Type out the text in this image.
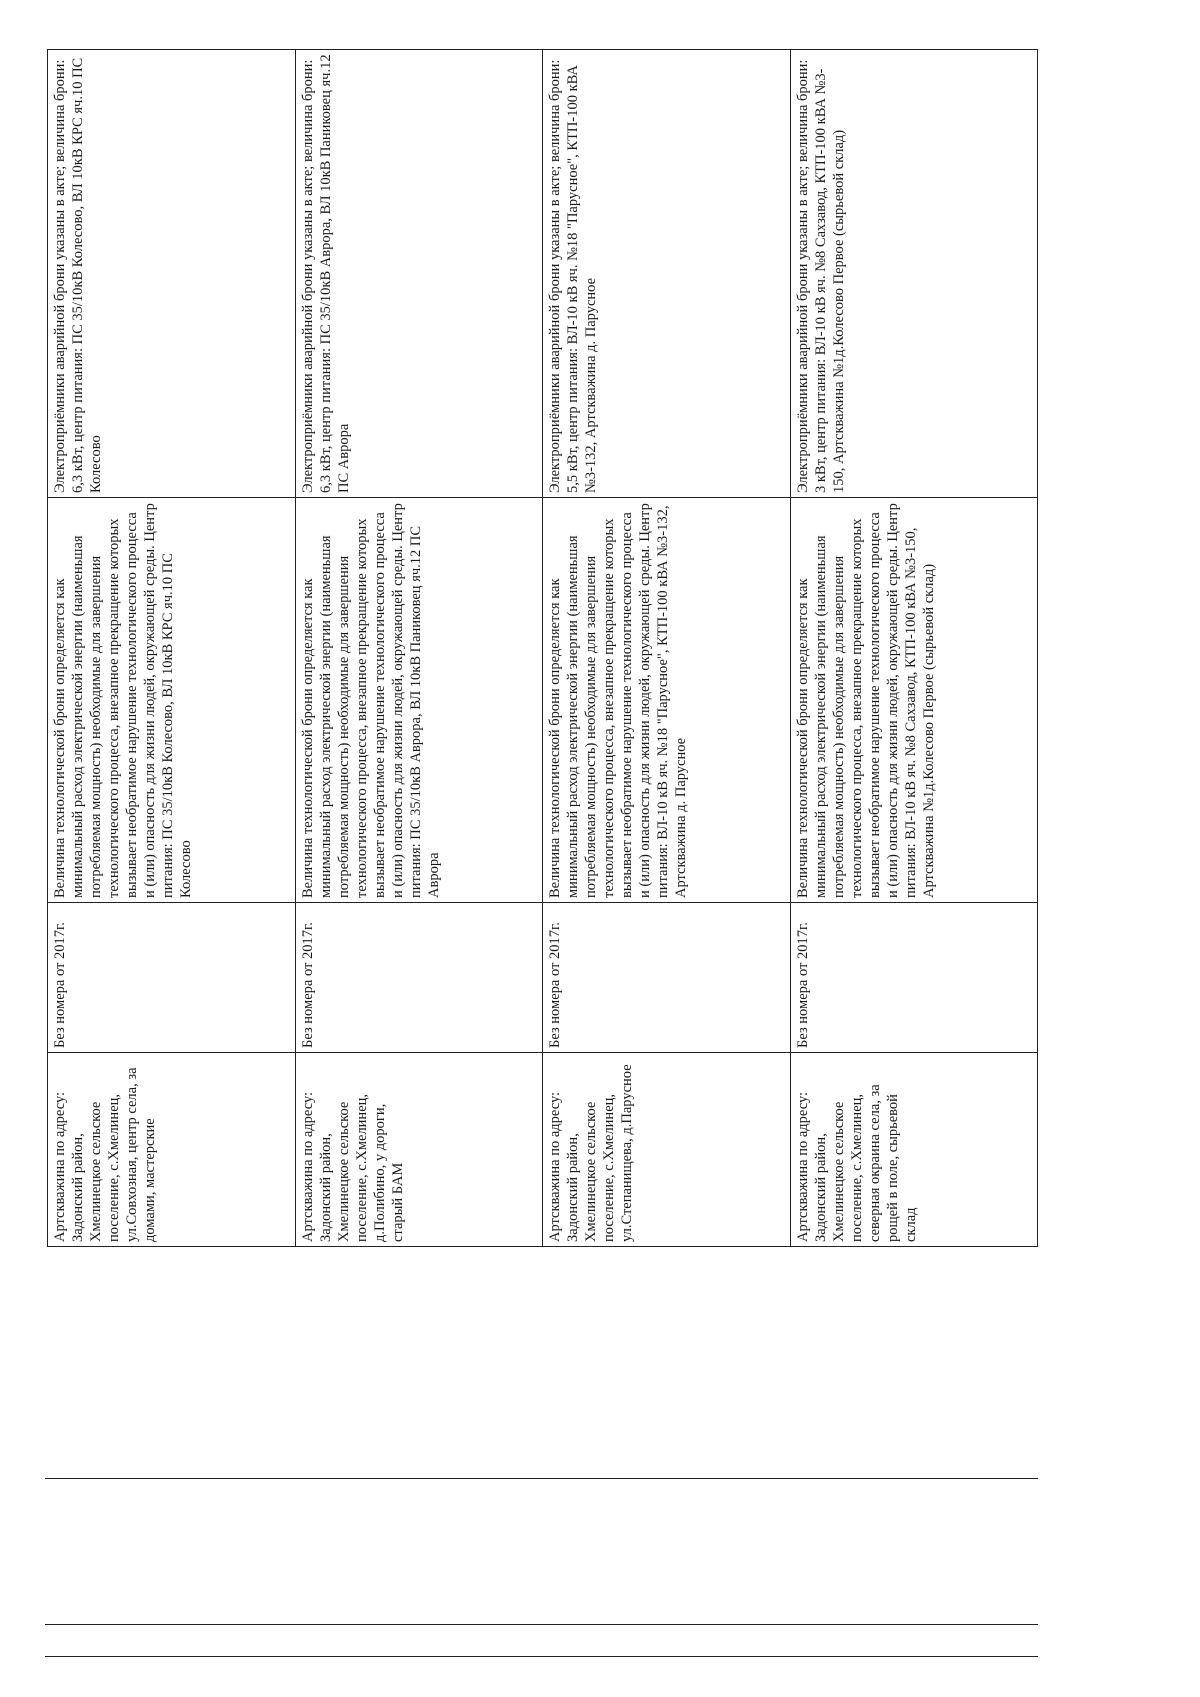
Артскважина по адресу: Задонский район, Хмелинецкое сельское поселение, с.Хмелинец, ул.Совхозная, центр села, за домами, мастерские	Без номера от 2017г.	Величина технологической брони определяется как минимальный расход электрической энергии (наименьшая потребляемая мощность) необходимые для завершения технологического процесса, внезапное прекращение которых вызывает необратимое нарушение технологического процесса и (или) опасность для жизни людей, окружающей среды. Центр питания: ПС 35/10кВ Колесово, ВЛ 10кВ КРС яч.10 ПС Колесово	Электроприёмники аварийной брони указаны в акте; величина брони: 6,3 кВт, центр питания: ПС 35/10кВ Колесово, ВЛ 10кВ КРС яч.10 ПС Колесово
Артскважина по адресу: Задонский район, Хмелинецкое сельское поселение, с.Хмелинец, д.Полибино, у дороги, старый БАМ	Без номера от 2017г.	Величина технологической брони определяется как минимальный расход электрической энергии (наименьшая потребляемая мощность) необходимые для завершения технологического процесса, внезапное прекращение которых вызывает необратимое нарушение технологического процесса и (или) опасность для жизни людей, окружающей среды. Центр питания: ПС 35/10кВ Аврора, ВЛ 10кВ Паниковец яч.12 ПС Аврора	Электроприёмники аварийной брони указаны в акте; величина брони: 6,3 кВт, центр питания: ПС 35/10кВ Аврора, ВЛ 10кВ Паниковец яч.12 ПС Аврора
Артскважина по адресу: Задонский район, Хмелинецкое сельское поселение, с.Хмелинец, ул.Степанищева, д.Парусное	Без номера от 2017г.	Величина технологической брони определяется как минимальный расход электрической энергии (наименьшая потребляемая мощность) необходимые для завершения технологического процесса, внезапное прекращение которых вызывает необратимое нарушение технологического процесса и (или) опасность для жизни людей, окружающей среды. Центр питания: ВЛ-10 кВ яч. №18 "Парусное", КТП-100 кВА №3-132, Артскважина д. Парусное	Электроприёмники аварийной брони указаны в акте; величина брони: 5,5 кВт, центр питания: ВЛ-10 кВ яч. №18 "Парусное", КТП-100 кВА №3-132, Артскважина д. Парусное
Артскважина по адресу: Задонский район, Хмелинецкое сельское поселение, с.Хмелинец, северная окраина села, за рощей в поле, сырьевой склад	Без номера от 2017г.	Величина технологической брони определяется как минимальный расход электрической энергии (наименьшая потребляемая мощность) необходимые для завершения технологического процесса, внезапное прекращение которых вызывает необратимое нарушение технологического процесса и (или) опасность для жизни людей, окружающей среды. Центр питания: ВЛ-10 кВ яч. №8 Сахзавод, КТП-100 кВА №3-150, Артскважина №1д.Колесово Первое (сырьевой склад)	Электроприёмники аварийной брони указаны в акте; величина брони: 3 кВт, центр питания: ВЛ-10 кВ яч. №8 Сахзавод, КТП-100 кВА №3-150, Артскважина №1д.Колесово Первое (сырьевой склад)
